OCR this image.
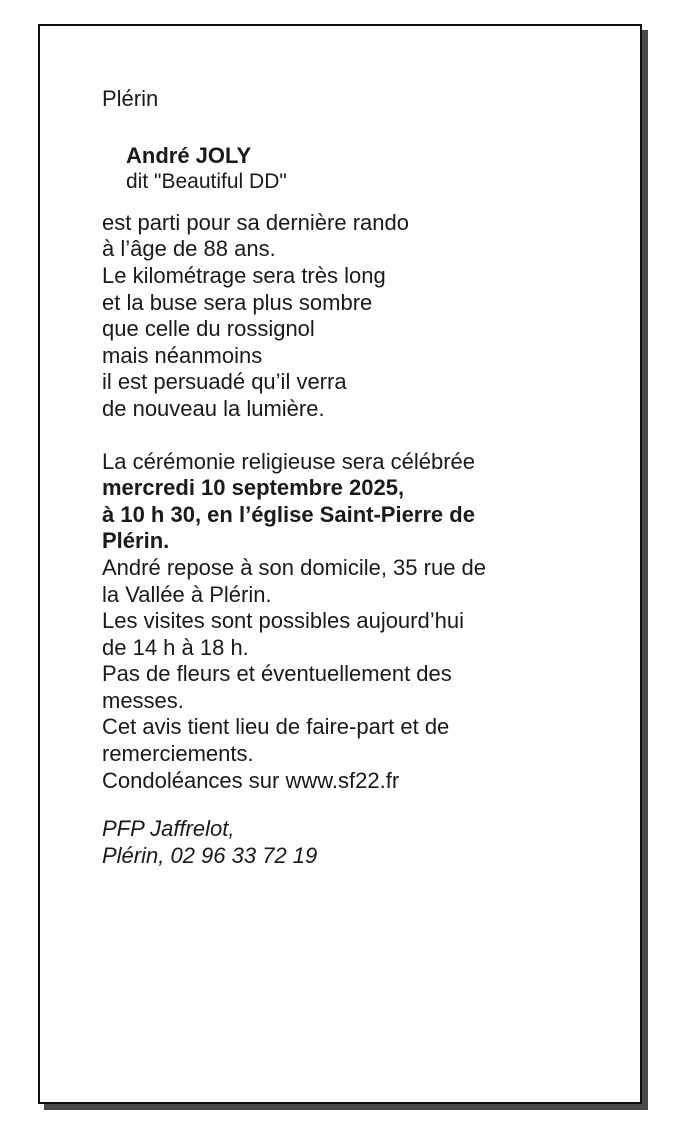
Plérin
André JOLY
dit "Beautiful DD"
est parti pour sa dernière rando
à l’âge de 88 ans.
Le kilométrage sera très long
et la buse sera plus sombre
que celle du rossignol
mais néanmoins
il est persuadé qu’il verra
de nouveau la lumière.
La cérémonie religieuse sera célébrée
mercredi 10 septembre 2025,
à 10 h 30, en l’église Saint-Pierre de
Plérin.
André repose à son domicile, 35 rue de
la Vallée à Plérin.
Les visites sont possibles aujourd’hui
de 14 h à 18 h.
Pas de fleurs et éventuellement des
messes.
Cet avis tient lieu de faire-part et de
remerciements.
Condoléances sur www.sf22.fr
PFP Jaffrelot,
Plérin, 02 96 33 72 19
